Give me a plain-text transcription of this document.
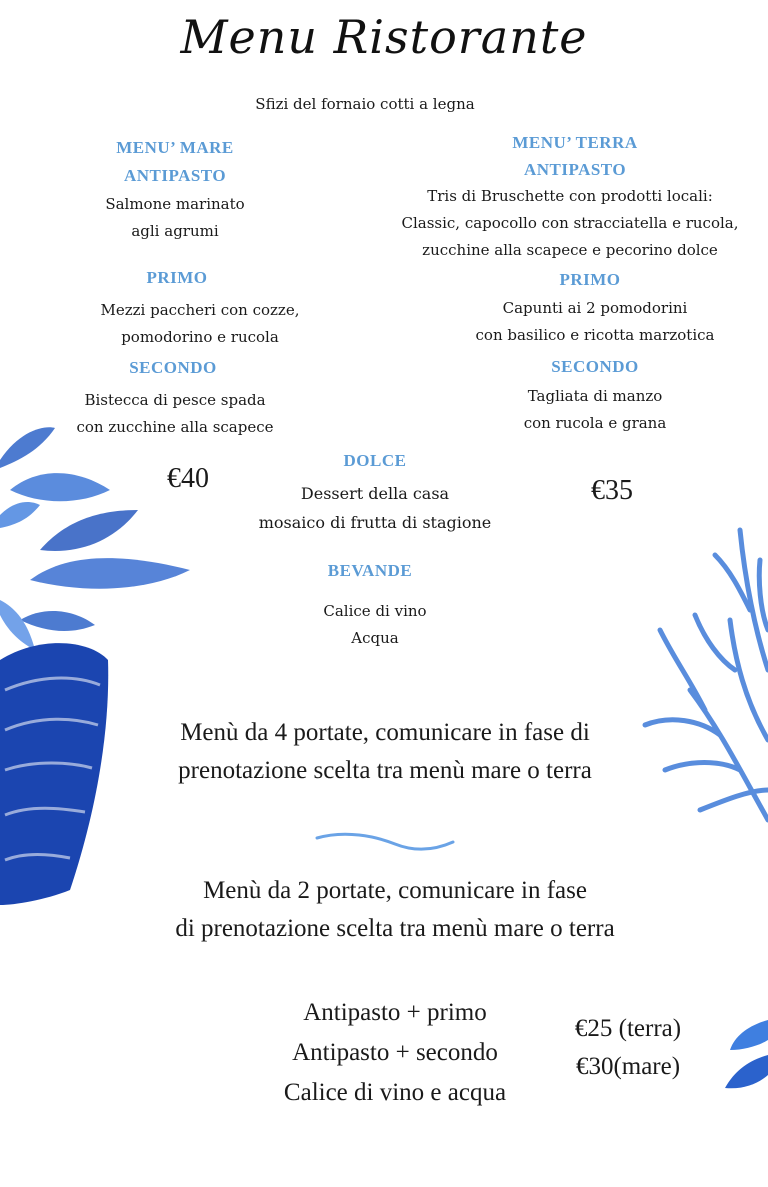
Menu Ristorante
Sfizi del fornaio cotti a legna
MENU’ MARE
ANTIPASTO
Salmone marinato
agli agrumi
PRIMO
Mezzi paccheri con cozze,
pomodorino e rucola
SECONDO
Bistecca di pesce spada
con zucchine alla scapece
€40
MENU’ TERRA
ANTIPASTO
Tris di Bruschette con prodotti locali:
Classic, capocollo con stracciatella e rucola,
zucchine alla scapece e pecorino dolce
PRIMO
Capunti ai 2 pomodorini
con basilico e ricotta marzotica
SECONDO
Tagliata di manzo
con rucola e grana
€35
DOLCE
Dessert della casa
mosaico di frutta di stagione
BEVANDE
Calice di vino
Acqua
Menù da 4 portate, comunicare in fase di
prenotazione scelta tra menù mare o terra
Menù da 2 portate, comunicare in fase
di prenotazione scelta tra menù mare o terra
Antipasto + primo
Antipasto + secondo
Calice di vino e acqua
€25 (terra)
€30(mare)
